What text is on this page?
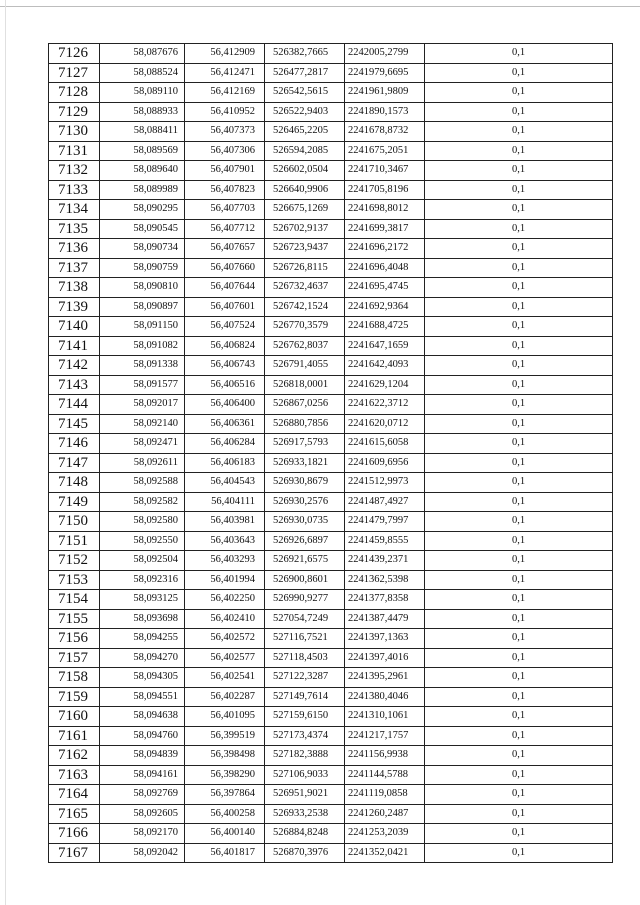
7126	58,087676	56,412909	526382,7665	2242005,2799	0,1
7127	58,088524	56,412471	526477,2817	2241979,6695	0,1
7128	58,089110	56,412169	526542,5615	2241961,9809	0,1
7129	58,088933	56,410952	526522,9403	2241890,1573	0,1
7130	58,088411	56,407373	526465,2205	2241678,8732	0,1
7131	58,089569	56,407306	526594,2085	2241675,2051	0,1
7132	58,089640	56,407901	526602,0504	2241710,3467	0,1
7133	58,089989	56,407823	526640,9906	2241705,8196	0,1
7134	58,090295	56,407703	526675,1269	2241698,8012	0,1
7135	58,090545	56,407712	526702,9137	2241699,3817	0,1
7136	58,090734	56,407657	526723,9437	2241696,2172	0,1
7137	58,090759	56,407660	526726,8115	2241696,4048	0,1
7138	58,090810	56,407644	526732,4637	2241695,4745	0,1
7139	58,090897	56,407601	526742,1524	2241692,9364	0,1
7140	58,091150	56,407524	526770,3579	2241688,4725	0,1
7141	58,091082	56,406824	526762,8037	2241647,1659	0,1
7142	58,091338	56,406743	526791,4055	2241642,4093	0,1
7143	58,091577	56,406516	526818,0001	2241629,1204	0,1
7144	58,092017	56,406400	526867,0256	2241622,3712	0,1
7145	58,092140	56,406361	526880,7856	2241620,0712	0,1
7146	58,092471	56,406284	526917,5793	2241615,6058	0,1
7147	58,092611	56,406183	526933,1821	2241609,6956	0,1
7148	58,092588	56,404543	526930,8679	2241512,9973	0,1
7149	58,092582	56,404111	526930,2576	2241487,4927	0,1
7150	58,092580	56,403981	526930,0735	2241479,7997	0,1
7151	58,092550	56,403643	526926,6897	2241459,8555	0,1
7152	58,092504	56,403293	526921,6575	2241439,2371	0,1
7153	58,092316	56,401994	526900,8601	2241362,5398	0,1
7154	58,093125	56,402250	526990,9277	2241377,8358	0,1
7155	58,093698	56,402410	527054,7249	2241387,4479	0,1
7156	58,094255	56,402572	527116,7521	2241397,1363	0,1
7157	58,094270	56,402577	527118,4503	2241397,4016	0,1
7158	58,094305	56,402541	527122,3287	2241395,2961	0,1
7159	58,094551	56,402287	527149,7614	2241380,4046	0,1
7160	58,094638	56,401095	527159,6150	2241310,1061	0,1
7161	58,094760	56,399519	527173,4374	2241217,1757	0,1
7162	58,094839	56,398498	527182,3888	2241156,9938	0,1
7163	58,094161	56,398290	527106,9033	2241144,5788	0,1
7164	58,092769	56,397864	526951,9021	2241119,0858	0,1
7165	58,092605	56,400258	526933,2538	2241260,2487	0,1
7166	58,092170	56,400140	526884,8248	2241253,2039	0,1
7167	58,092042	56,401817	526870,3976	2241352,0421	0,1
